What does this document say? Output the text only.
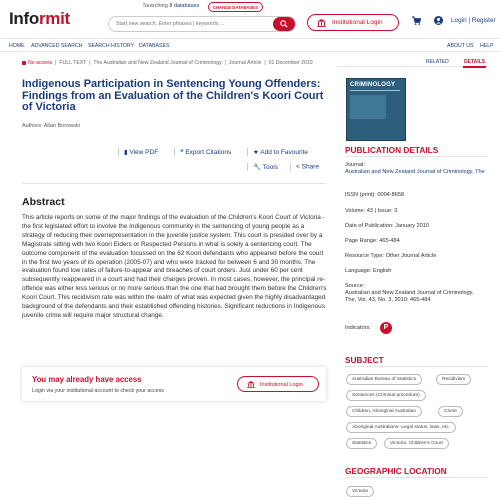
Informit
Searching 8 databases	CHANGE DATABASES
Start new search. Enter phrases | keywords ...
Institutional Login	Login | Register
HOME ADVANCED SEARCH SEARCH HISTORY DATABASES	ABOUT US HELP
No access  |  FULL TEXT  |  The Australian and New Zealand Journal of Criminology  |  Journal Article  |  01 December 2010
Indigenous Participation in Sentencing Young Offenders: Findings from an Evaluation of the Children's Koori Court of Victoria
Authors: Allan Borowski
▮ View PDF	❝ Export Citations	★ Add to Favourite
🔧 Tools	< Share
Abstract
This article reports on some of the major findings of the evaluation of the Children's Koori Court of Victoria - the first legislated effort to involve the Indigenous community in the sentencing of young people as a strategy of reducing their overrepresentation in the juvenile justice system. This court is presided over by a Magistrate sitting with two Koori Elders or Respected Persons in what is solely a sentencing court. The outcome component of the evaluation focussed on the 62 Koori defendants who appeared before the court in the first two years of its operation (2005-07) and who were tracked for between 6 and 30 months. The evaluation found low rates of failure-to-appear and breaches of court orders. Just under 60 per cent subsequently reappeared in a court and had their charges proven. In most cases, however, the principal re-offence was either less serious or no more serious than the one that had brought them before the Children's Koori Court. This recidivism rate was within the realm of what was expected given the highly disadvantaged background of the defendants and their established offending histories. Significant reductions in Indigenous juvenile crime will require major structural change.
You may already have access
Login via your institutional account to check your access
Institutional Login
RELATED	DETAILS
CRIMINOLOGY
PUBLICATION DETAILS
Journal:
Australian and New Zealand Journal of Criminology, The
ISSN (print): 0004-8658
Volume: 43 | Issue: 3
Date of Publication: January 2010
Page Range: 465-484
Resource Type: Other Journal Article
Language: English
Source:
Australian and New Zealand Journal of Criminology, The, Vol. 43, No. 3, 2010: 465-484
Indicators:	P
SUBJECT
Australian Bureau of Statistics	Recidivism
Sentences (Criminal procedure)
Children, Aboriginal Australian	Crime
Aboriginal Australians--Legal status, laws, etc.
Statistics	Victoria. Children's Court
GEOGRAPHIC LOCATION
Victoria
